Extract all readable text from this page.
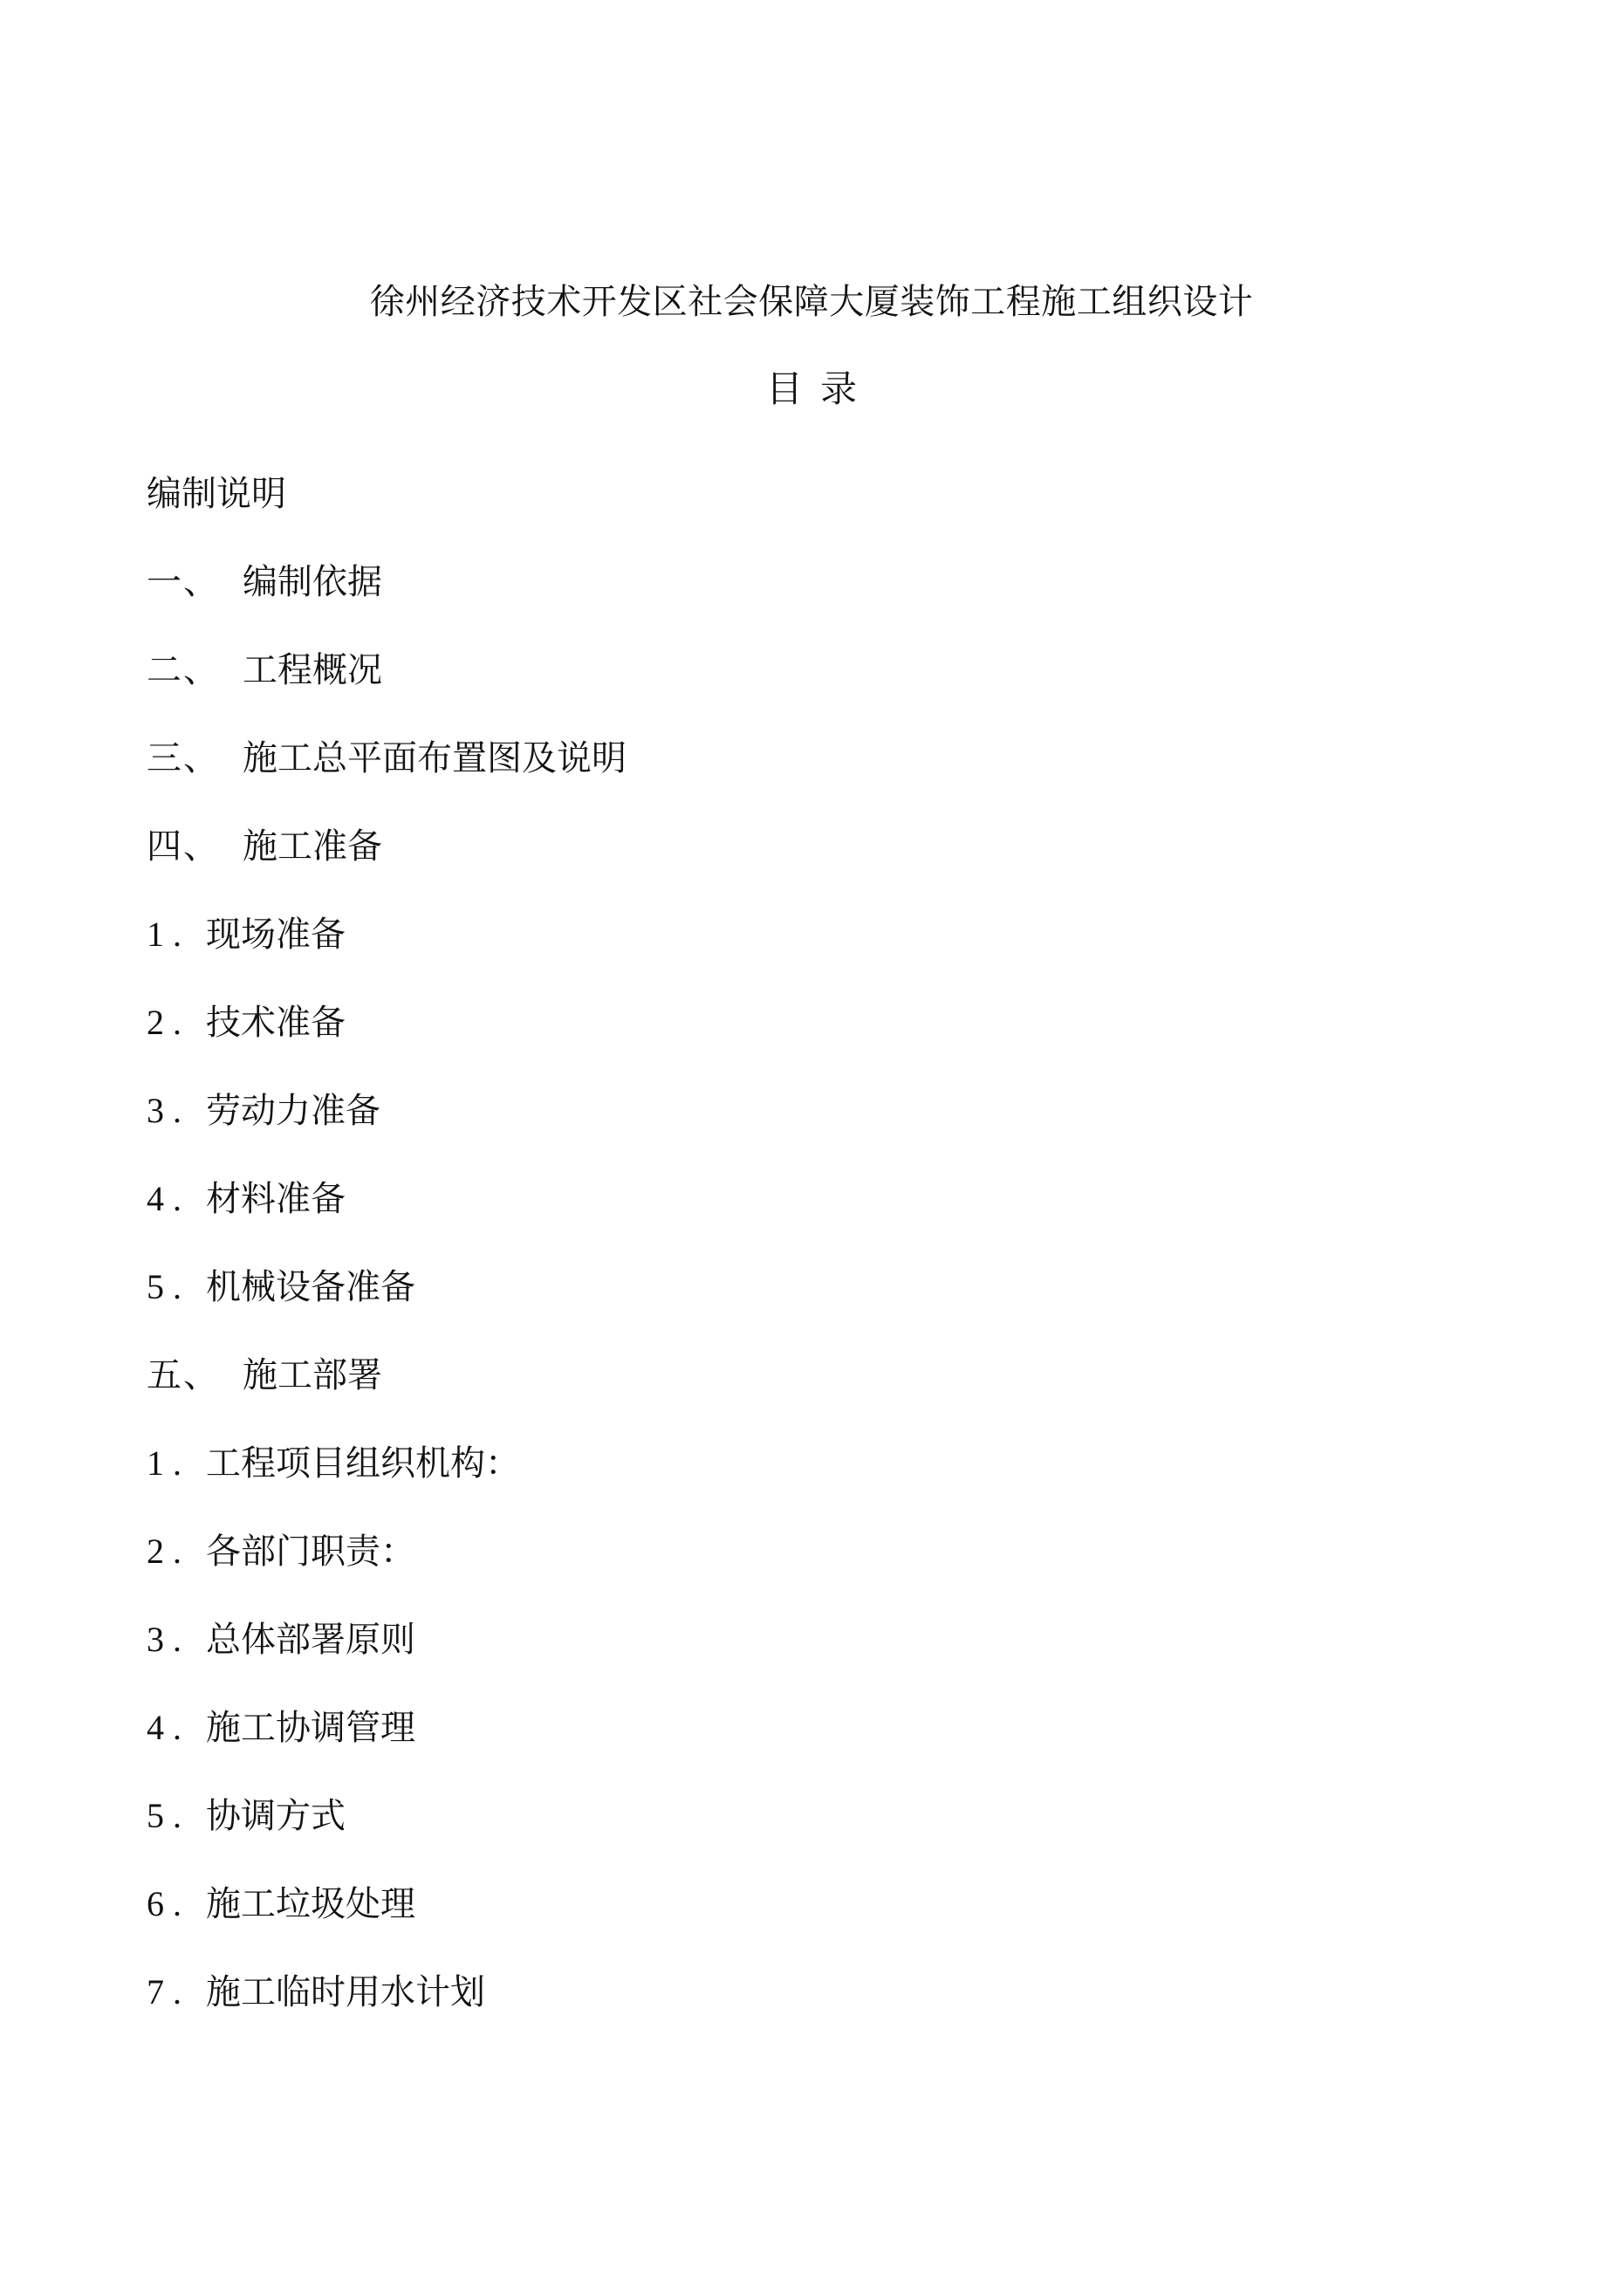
徐州经济技术开发区社会保障大厦装饰工程施工组织设计
目录
编制说明
一、 编制依据
二、 工程概况
三、 施工总平面布置图及说明
四、 施工准备
1 . 现场准备
2 . 技术准备
3 . 劳动力准备
4 . 材料准备
5 . 机械设备准备
五、 施工部署
1 . 工程项目组织机构：
2 . 各部门职责：
3 . 总体部署原则
4 . 施工协调管理
5 . 协调方式
6 . 施工垃圾处理
7 . 施工临时用水计划
